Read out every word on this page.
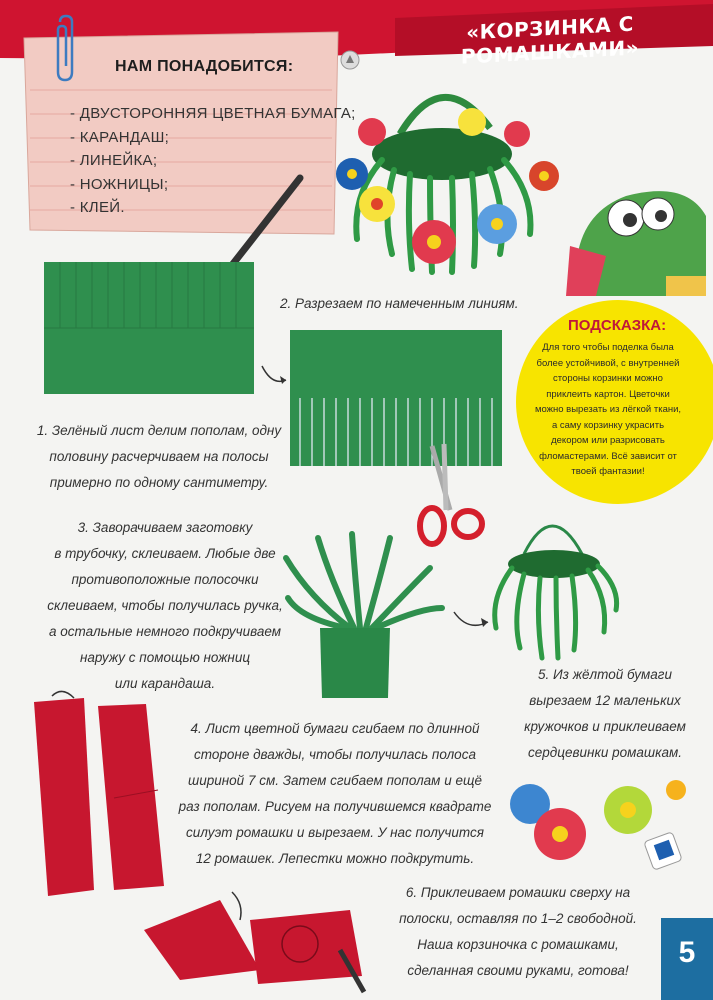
«КОРЗИНКА С РОМАШКАМИ»
НАМ ПОНАДОБИТСЯ:
- ДВУСТОРОННЯЯ ЦВЕТНАЯ БУМАГА;
- КАРАНДАШ;
- ЛИНЕЙКА;
- НОЖНИЦЫ;
- КЛЕЙ.
ПОДСКАЗКА:
Для того чтобы поделка была
более устойчивой, с внутренней
стороны корзинки можно
приклеить картон. Цветочки
можно вырезать из лёгкой ткани,
а саму корзинку украсить
декором или разрисовать
фломастерами. Всё зависит от
твоей фантазии!
1. Зелёный лист делим пополам, одну
половину расчерчиваем на полосы
примерно по одному сантиметру.
2. Разрезаем по намеченным линиям.
3. Заворачиваем заготовку
в трубочку, склеиваем. Любые две
противоположные полосочки
склеиваем, чтобы получилась ручка,
а остальные немного подкручиваем
наружу с помощью ножниц
или карандаша.
4. Лист цветной бумаги сгибаем по длинной
стороне дважды, чтобы получилась полоса
шириной 7 см. Затем сгибаем пополам и ещё
раз пополам. Рисуем на получившемся квадрате
силуэт ромашки и вырезаем. У нас получится
12 ромашек. Лепестки можно подкрутить.
5. Из жёлтой бумаги
вырезаем 12 маленьких
кружочков и приклеиваем
сердцевинки ромашкам.
6. Приклеиваем ромашки сверху на
полоски, оставляя по 1–2 свободной.
Наша корзиночка с ромашками,
сделанная своими руками, готова!
5
